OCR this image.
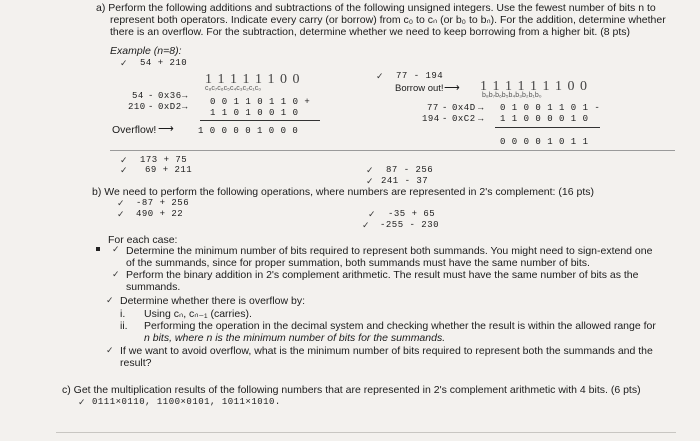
a) Perform the following additions and subtractions of the following unsigned integers. Use the fewest number of bits n to
represent both operators. Indicate every carry (or borrow) from c₀ to cₙ (or b₀ to bₙ). For the addition, determine whether
there is an overflow. For the subtraction, determine whether we need to keep borrowing from a higher bit. (8 pts)
Example (n=8):
✓ 54 + 210
1 1 1 1 1 1 0 0
c₈c₇c₆c₅c₄c₃c₂c₁c₀
54 - 0x36 →
0 0 1 1 0 1 1 0 +
210 - 0xD2 →
1 1 0 1 0 0 1 0
Overflow! ⟶	1 0 0 0 0 1 0 0 0
✓ 77 - 194
Borrow out! ⟶ 1 1 1 1 1 1 1 0 0
b₈b₇b₆b₅b₄b₃b₂b₁b₀
77 - 0x4D → 0 1 0 0 1 1 0 1 -
194 - 0xC2 → 1 1 0 0 0 0 1 0
0 0 0 0 1 0 1 1
✓ 173 + 75
✓ 69 + 211	✓ 87 - 256
✓ 241 - 37
b) We need to perform the following operations, where numbers are represented in 2's complement: (16 pts)
✓ -87 + 256
✓ 490 + 22	✓ -35 + 65
✓ -255 - 230
For each case:
✓ Determine the minimum number of bits required to represent both summands. You might need to sign-extend one
of the summands, since for proper summation, both summands must have the same number of bits.
✓ Perform the binary addition in 2's complement arithmetic. The result must have the same number of bits as the
summands.
✓ Determine whether there is overflow by:
i. Using cₙ, cₙ₋₁ (carries).
ii. Performing the operation in the decimal system and checking whether the result is within the allowed range for
n bits, where n is the minimum number of bits for the summands.
✓ If we want to avoid overflow, what is the minimum number of bits required to represent both the summands and the
result?
c) Get the multiplication results of the following numbers that are represented in 2's complement arithmetic with 4 bits. (6 pts)
✓ 0111×0110, 1100×0101, 1011×1010.
